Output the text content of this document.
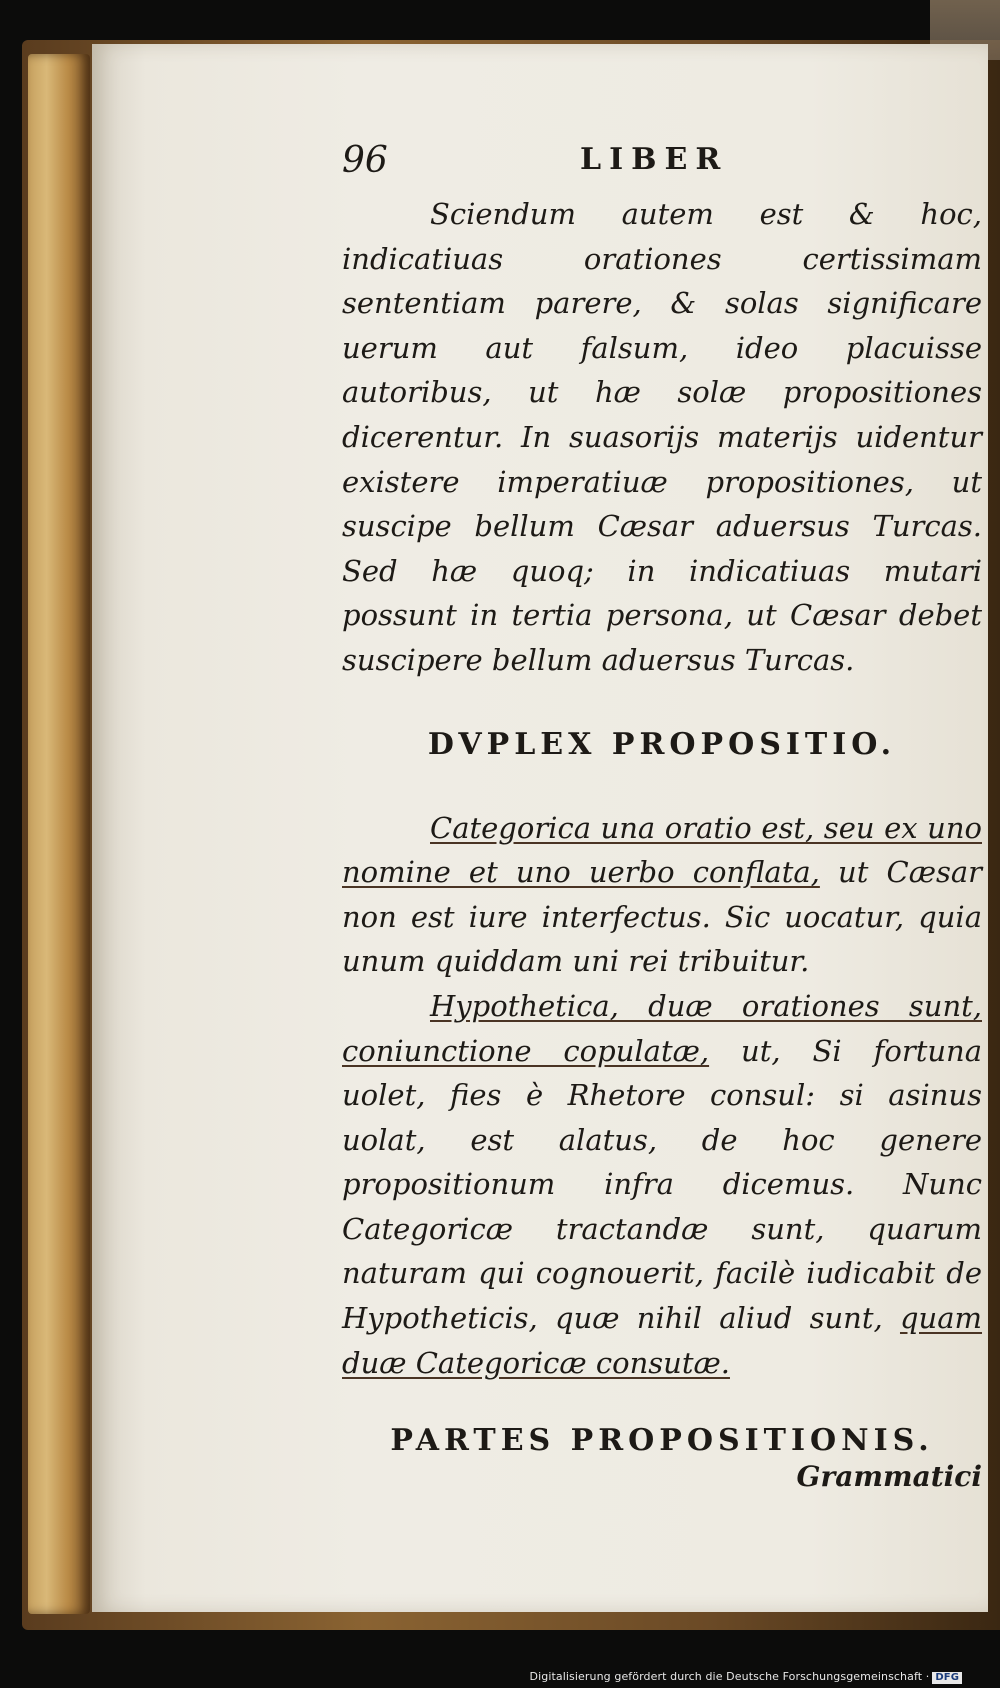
96	LIBER

Sciendum autem est & hoc, indicatiuas orationes certissimam sententiam parere, & solas significare uerum aut falsum, ideo placuisse autoribus, ut hæ solæ propositiones dicerentur. In suasorijs materijs uidentur existere imperatiuæ propositiones, ut suscipe bellum Cæsar aduersus Turcas. Sed hæ quoq; in indicatiuas mutari possunt in tertia persona, ut Cæsar debet suscipere bellum aduersus Turcas.

DVPLEX PROPOSITIO.

Categorica una oratio est, seu ex uno nomine et uno uerbo conflata, ut Cæsar non est iure interfectus. Sic uocatur, quia unum quiddam uni rei tribuitur.

Hypothetica, duæ orationes sunt, coniunctione copulatæ, ut, Si fortuna uolet, fies è Rhetore consul: si asinus uolat, est alatus, de hoc genere propositionum infra dicemus. Nunc Categoricæ tractandæ sunt, quarum naturam qui cognouerit, facilè iudicabit de Hypotheticis, quæ nihil aliud sunt, quam duæ Categoricæ consutæ.

PARTES PROPOSITIONIS.
Grammatici
Digitalisierung gefördert durch die Deutsche Forschungsgemeinschaft · DFG
